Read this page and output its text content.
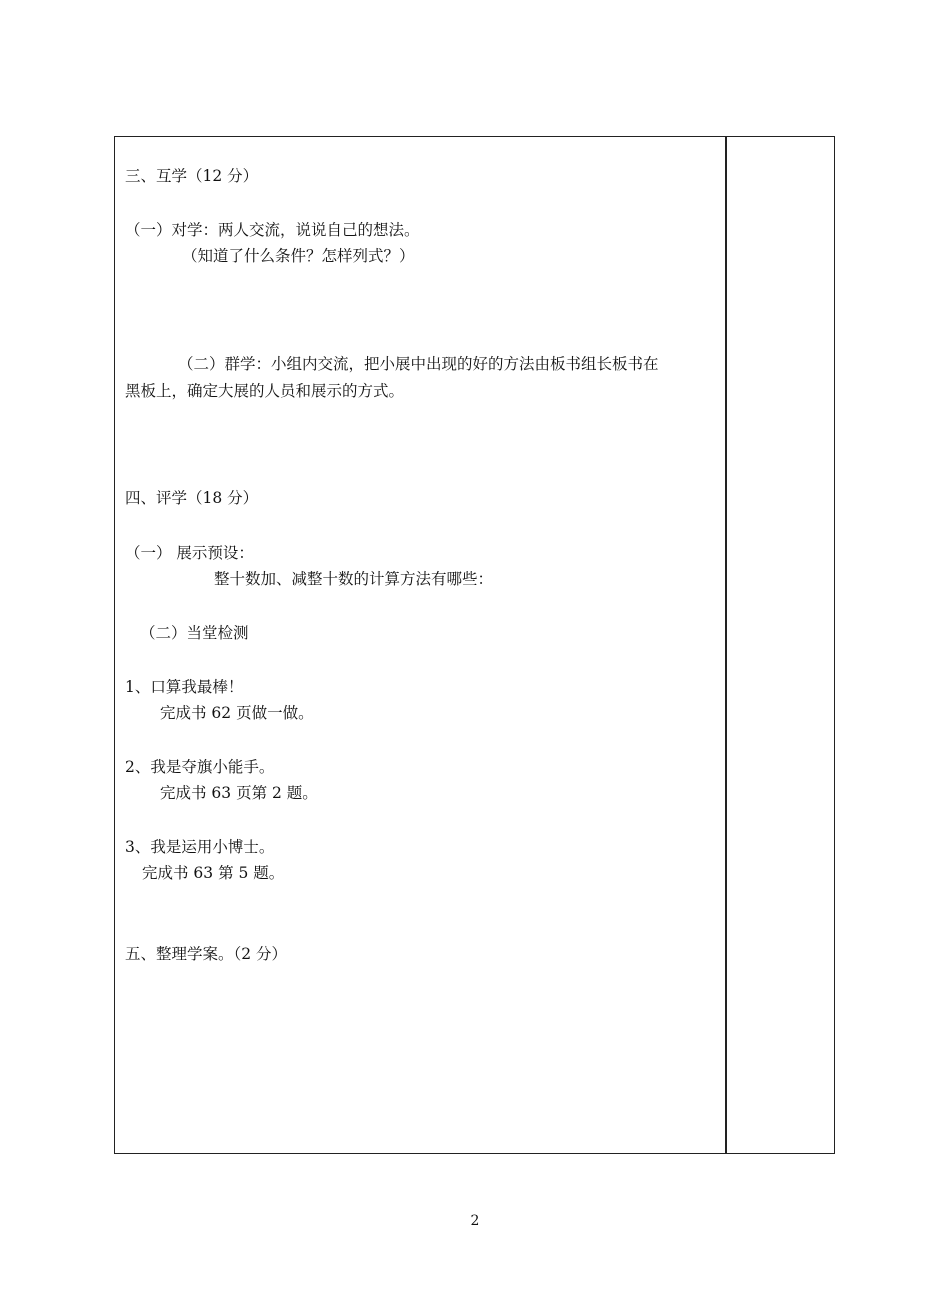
三、互学（12 分）
（一）对学：两人交流，说说自己的想法。
（知道了什么条件？怎样列式？）
（二）群学：小组内交流，把小展中出现的好的方法由板书组长板书在
黑板上，确定大展的人员和展示的方式。
四、评学（18 分）
（一） 展示预设：
整十数加、减整十数的计算方法有哪些：
（二）当堂检测
1、口算我最棒！
完成书 62 页做一做。
2、我是夺旗小能手。
完成书 63 页第 2 题。
3、我是运用小博士。
完成书 63 第 5 题。
五、整理学案。（2 分）
2
